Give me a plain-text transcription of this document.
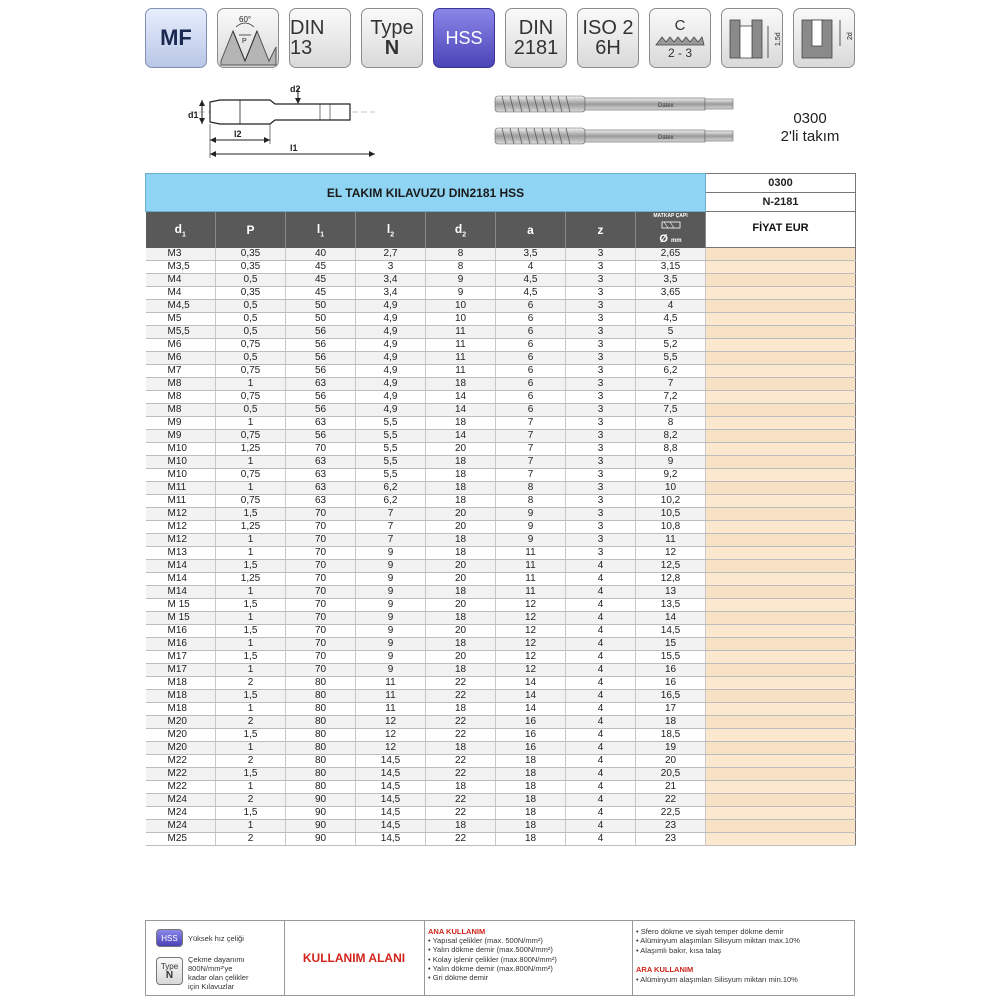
MF
60°
P
DIN 13
Type
N	HSS DIN
2181
ISO 2
6H
C
2 - 3
1,5d	2d
d1
d2
l2
l1
Datex
Datex
0300
2'li takım
EL TAKIM KILAVUZU DIN2181 HSS								0300
								N-2181
$d_1$	P	$l_1$	$l_2$	$d_2$	a	z	MATKAP ÇAPI
Ø mm	FİYAT EUR
M3	0,35	40	2,7	8	3,5	3	2,65	
M3,5	0,35	45	3	8	4	3	3,15	
M4	0,5	45	3,4	9	4,5	3	3,5	
M4	0,35	45	3,4	9	4,5	3	3,65	
M4,5	0,5	50	4,9	10	6	3	4	
M5	0,5	50	4,9	10	6	3	4,5	
M5,5	0,5	56	4,9	11	6	3	5	
M6	0,75	56	4,9	11	6	3	5,2	
M6	0,5	56	4,9	11	6	3	5,5	
M7	0,75	56	4,9	11	6	3	6,2	
M8	1	63	4,9	18	6	3	7	
M8	0,75	56	4,9	14	6	3	7,2	
M8	0,5	56	4,9	14	6	3	7,5	
M9	1	63	5,5	18	7	3	8	
M9	0,75	56	5,5	14	7	3	8,2	
M10	1,25	70	5,5	20	7	3	8,8	
M10	1	63	5,5	18	7	3	9	
M10	0,75	63	5,5	18	7	3	9,2	
M11	1	63	6,2	18	8	3	10	
M11	0,75	63	6,2	18	8	3	10,2	
M12	1,5	70	7	20	9	3	10,5	
M12	1,25	70	7	20	9	3	10,8	
M12	1	70	7	18	9	3	11	
M13	1	70	9	18	11	3	12	
M14	1,5	70	9	20	11	4	12,5	
M14	1,25	70	9	20	11	4	12,8	
M14	1	70	9	18	11	4	13	
M 15	1,5	70	9	20	12	4	13,5	
M 15	1	70	9	18	12	4	14	
M16	1,5	70	9	20	12	4	14,5	
M16	1	70	9	18	12	4	15	
M17	1,5	70	9	20	12	4	15,5	
M17	1	70	9	18	12	4	16	
M18	2	80	11	22	14	4	16	
M18	1,5	80	11	22	14	4	16,5	
M18	1	80	11	18	14	4	17	
M20	2	80	12	22	16	4	18	
M20	1,5	80	12	22	16	4	18,5	
M20	1	80	12	18	16	4	19	
M22	2	80	14,5	22	18	4	20	
M22	1,5	80	14,5	22	18	4	20,5	
M22	1	80	14,5	18	18	4	21	
M24	2	90	14,5	22	18	4	22	
M24	1,5	90	14,5	22	18	4	22,5	
M24	1	90	14,5	18	18	4	23	
M25	2	90	14,5	22	18	4	23	
HSS Yüksek hız çeliği
Type
N
Çekme dayanımı
800N/mm²'ye
kadar olan çelikler
için Kılavuzlar
KULLANIM ALANI
ANA KULLANIM
• Yapısal çelikler (max. 500N/mm²)
• Yalın dökme demir (max.500N/mm²)
• Kolay işlenir çelikler (max.800N/mm²)
• Yalın dökme demir (max.800N/mm²)
• Gri dökme demir
• Sfero dökme ve siyah temper dökme demir
• Alüminyum alaşımları Silisyum miktarı max.10%
• Alaşımlı bakır, kısa talaş
ARA KULLANIM
• Alüminyum alaşımları Silisyum miktarı min.10%
